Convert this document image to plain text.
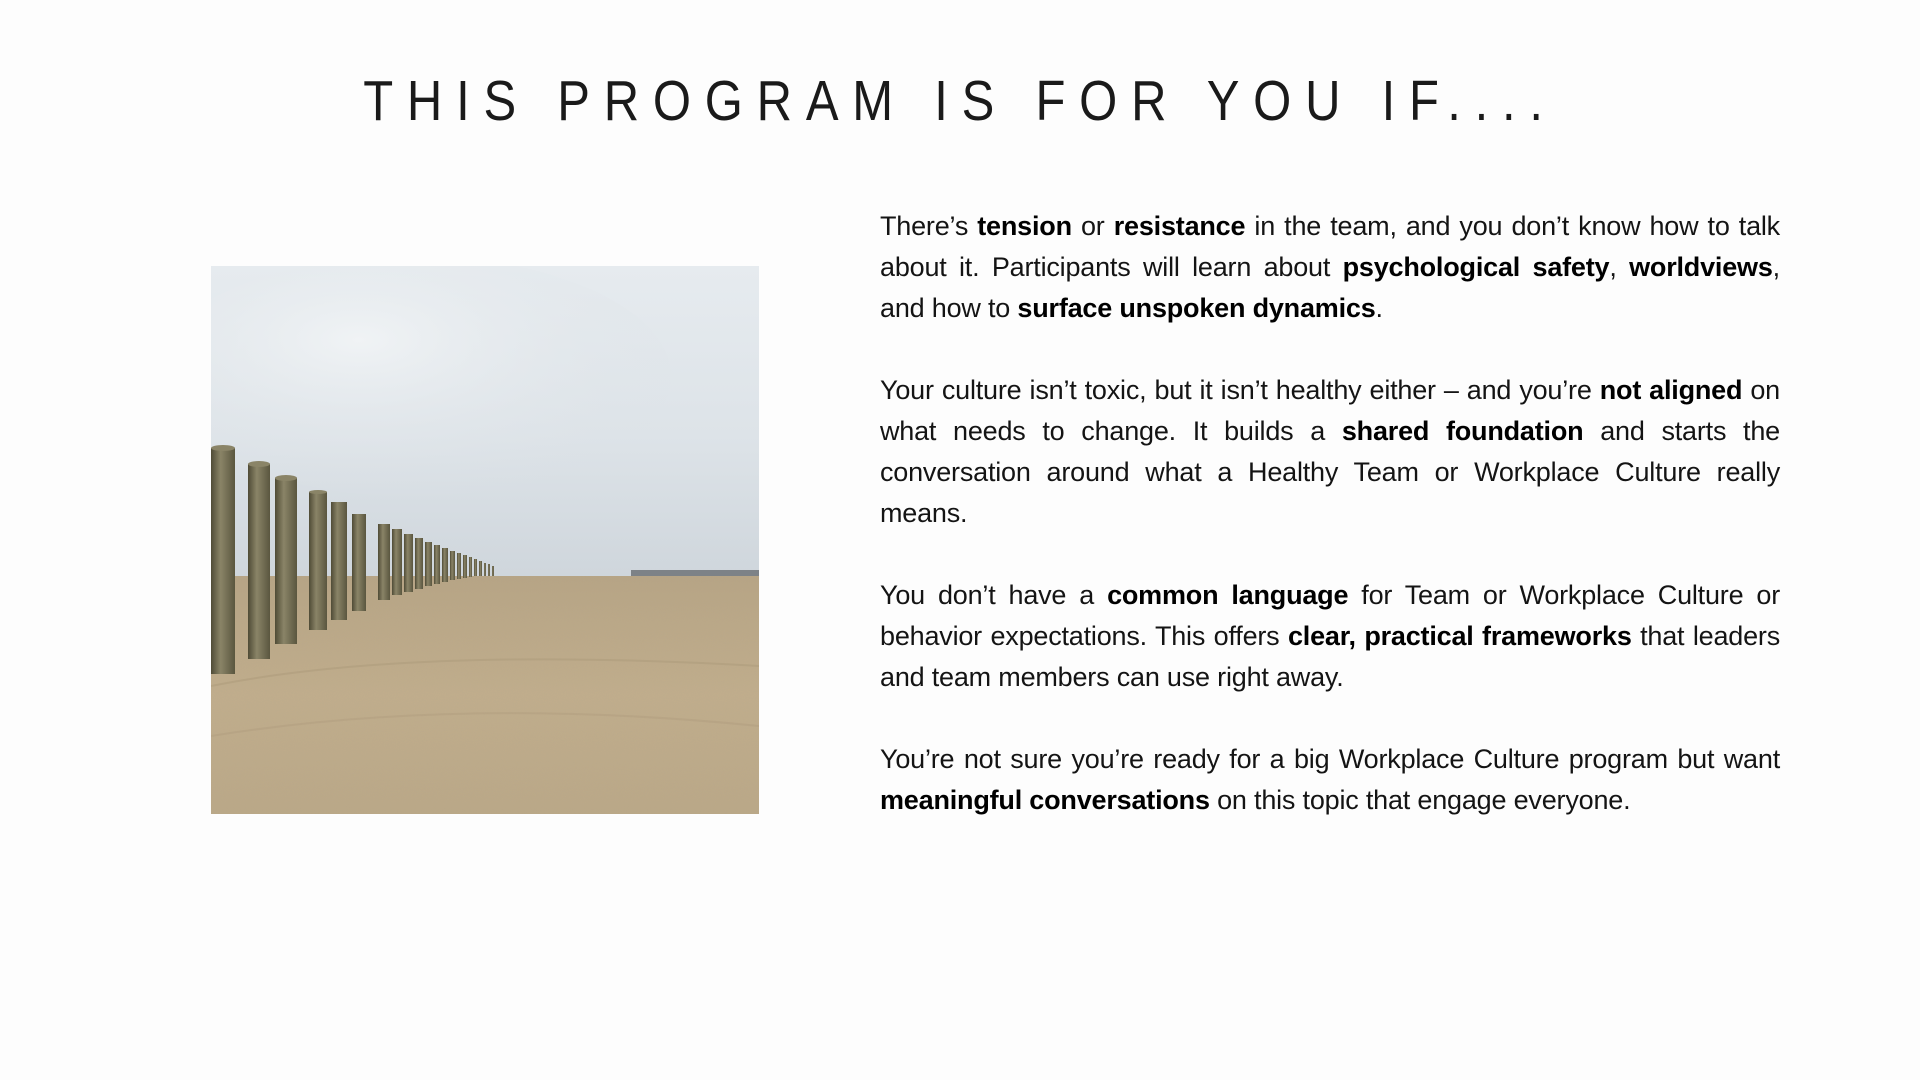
THIS PROGRAM IS FOR YOU IF....

There’s tension or resistance in the team, and you don’t know how to talk about it. Participants will learn about psychological safety, worldviews, and how to surface unspoken dynamics.

Your culture isn’t toxic, but it isn’t healthy either – and you’re not aligned on what needs to change. It builds a shared foundation and starts the conversation around what a Healthy Team or Workplace Culture really means.

You don’t have a common language for Team or Workplace Culture or behavior expectations. This offers clear, practical frameworks that leaders and team members can use right away.

You’re not sure you’re ready for a big Workplace Culture program but want meaningful conversations on this topic that engage everyone.
